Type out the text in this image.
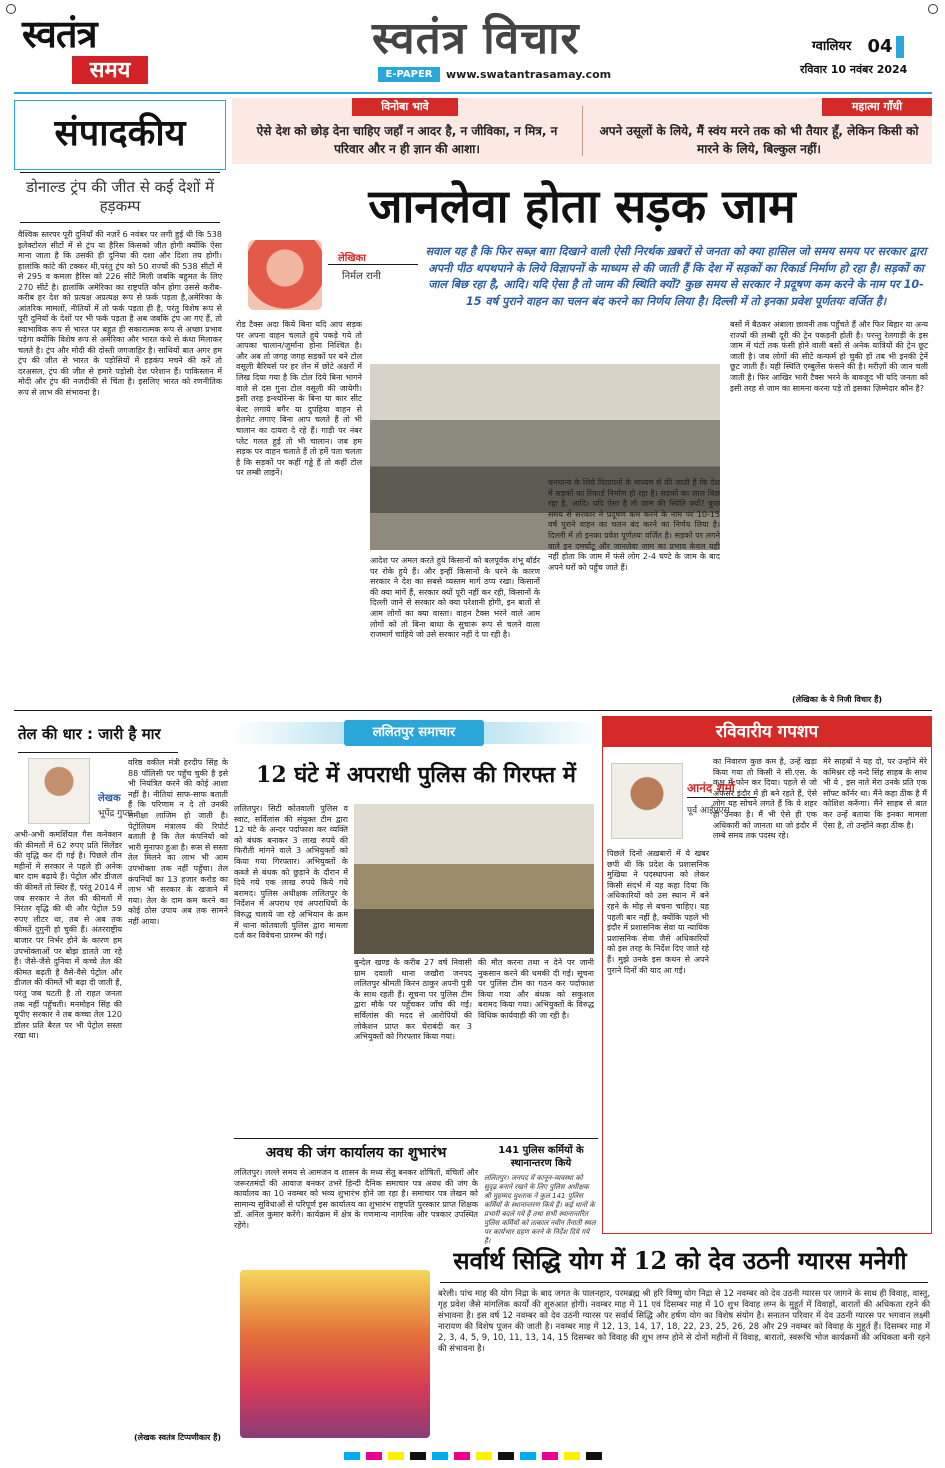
स्वतंत्र
समय
स्वतंत्र विचार
E-PAPER	www.swatantrasamay.com
ग्वालियर 04
रविवार 10 नवंबर 2024
संपादकीय
डोनाल्ड ट्रंप की जीत से कई देशों में हड़कम्प
वैश्विक स्तरपर पूरी दुनियाँ की नज़रें 6 नवंबर पर लगी हुई थी कि 538 इलेक्टोरल सीटों में से ट्रंप या हैरिस किसको जीत होगी क्योंकि ऐसा माना जाता है कि उसकी ही दुनिया की दशा और दिशा तय होगी।हालांकि कांटे की टक्कर थी,परंतु ट्रंप को 50 राज्यों की 538 सीटों में से 295 व कमला हैरिस को 226 सीटें मिली जबकि बहुमत के लिए 270 सीटें है। हालांकि अमेरिका का राष्ट्रपति कौन होगा उससे करीब-करीब हर देश को प्रत्यक्ष अप्रत्यक्ष रूप से फर्क पड़ता है,अमेरिका के आंतरिक मामलों, नीतियों में तो फर्क पड़ता ही है, परंतु विशेष रूप से पूरी दुनियाँ के देशों पर भी फर्क पड़ता है अब जबकि ट्रंप आ गए हैं, तो स्वाभाविक रूप से भारत पर बहुत ही सकारात्मक रूप से अच्छा प्रभाव पड़ेगा क्योंकि विशेष रूप से अमेरिका और भारत कंधे से कंधा मिलाकर चलते है। ट्रंप और मोदी की दोस्ती जगजाहिर है। साथियों बात अगर हम ट्रंप की जीत से भारत के पड़ोसियों में हड़कंप मचने की करें तो दरअसल, ट्रंप की जीत से हमारे पड़ोसी देश परेशान हैं। पाकिस्तान में मोदी और ट्रंप की नजदीकी से चिंता है। इसलिए भारत को रणनीतिक रूप से लाभ की संभावना है।
विनोबा भावे
ऐसे देश को छोड़ देना चाहिए जहाँ न आदर है, न जीविका, न मित्र, न परिवार और न ही ज्ञान की आशा।
महात्मा गाँधी
अपने उसूलों के लिये, मैं स्वंय मरने तक को भी तैयार हूँ, लेकिन किसी को मारने के लिये, बिल्कुल नहीं।
जानलेवा होता सड़क जाम
लेखिका
निर्मल रानी
सवाल यह है कि फिर सब्ज़ बाग़ दिखाने वाली ऐसी निरर्थक ख़बरों से जनता को क्या हासिल जो समय समय पर सरकार द्वारा अपनी पीठ थपथपाने के लिये विज्ञापनों के माध्यम से की जाती हैं कि देश में सड़कों का रिकार्ड निर्माण हो रहा है। सड़कों का जाल बिछ रहा है, आदि। यदि ऐसा है तो जाम की स्थिति क्यों? कुछ समय से सरकार ने प्रदूषण कम करने के नाम पर 10-15 वर्ष पुराने वाहन का चलन बंद करने का निर्णय लिया है। दिल्ली में तो इनका प्रवेश पूर्णतयः वर्जित है।
रोड टैक्स अदा किये बिना यदि आप सड़क पर अपना वाहन चलाते हुये पकड़े गये तो आपका चालान/जुर्माना होना निश्चित है। और अब तो जगह जगह सड़कों पर बने टोल वसूली बैरियर्स पर हर लेन में छोटे अक्षरों में लिख दिया गया है कि टोल दिये बिना भागने वाले से दस गुना टोल वसूली की जायेगी। इसी तरह इन्श्योरेन्स के बिना या कार सीट बेल्ट लगाये बगैर या दुपहिया वाहन से हेलमेट लगाए बिना आप चलते हैं तो भी चालान का दायरा दे रहे हैं। गाड़ी पर नंबर प्लेट गलत हुई तो भी चालान। जब हम सड़क पर वाहन चलाते हैं तो हमें पता चलता है कि सड़कों पर कहीं गड्ढे हैं तो कहीं टोल पर लम्बी लाइनें।
आदेश पर अमल करते हुये किसानों को बलपूर्वक शंभू बॉर्डर पर रोके हुये हैं। और इन्हीं किसानों के धरने के कारण सरकार ने देश का सबसे व्यस्तम मार्ग ठप्प रखा। किसानों की क्या मांगें हैं, सरकार क्यों पूरी नहीं कर रही, किसानों के दिल्ली जाने से सरकार को क्या परेशानी होगी, इन बातों से आम लोगों का क्या वास्ता। वाहन टैक्स भरने वाले आम लोगों को तो बिना बाधा के सुचारू रूप से चलने वाला राजमार्ग चाहिये जो उसे सरकार नहीं दे पा रही है।
धनधान्य के लिये विज्ञापनों के माध्यम से की जाती हैं कि देश में सड़कों का रिकार्ड निर्माण हो रहा है। सड़कों का जाल बिछ रहा है, आदि। यदि ऐसा है तो जाम की स्थिति क्यों? कुछ समय से सरकार ने प्रदूषण कम करने के नाम पर 10-15 वर्ष पुराने वाहन का चलन बंद करने का निर्णय लिया है। दिल्ली में तो इनका प्रवेश पूर्णतयः वर्जित है। सड़कों पर लगने वाले इन दमघोंटू और जानलेवा जाम का प्रभाव केवल यही नहीं होता कि जाम में फंसे लोग 2-4 घण्टे के जाम के बाद अपने घरों को पहुँच जाते हैं।
बसों में बैठकर अंबाला छावनी तक पहुँचते हैं और फिर बिहार या अन्य राज्यों की लम्बी दूरी की ट्रेन पकड़नी होती है। परन्तु रेलगाड़ी के इस जाम में घंटों तक फंसी होने वाली बसों से अनेक यात्रियों की ट्रेन छूट जाती है। जब लोगों की सीटें कन्फर्म हो चुकी हों तब भी इनकी ट्रेनें छूट जाती हैं। यही स्थिति एम्बुलेंस फंसने की है। मरीज़ों की जान चली जाती है। फिर आखिर भारी टैक्स भरने के बावजूद भी यदि जनता को इसी तरह से जाम का सामना करना पड़े तो इसका ज़िम्मेदार कौन है?
(लेखिका के ये निजी विचार हैं)
तेल की धार : जारी है मार
लेखक
भूपेंद्र गुप्ता
अभी-अभी कमर्शियल गैस कनेक्शन की कीमतों में 62 रुपए प्रति सिलेंडर की वृद्धि कर दी गई है। पिछले तीन महीनों में सरकार ने पहले ही अनेक बार दाम बढ़ाये हैं। पेट्रोल और डीजल की कीमतें तो स्थिर हैं, परंतु 2014 में जब सरकार ने तेल की कीमतों में निरंतर वृद्धि की थी और पेट्रोल 59 रुपए लीटर था, तब से अब तक कीमतें दुगुनी हो चुकी हैं। अंतरराष्ट्रीय बाजार पर निर्भर होने के कारण हम उपभोक्ताओं पर बोझ डालते जा रहे हैं। जैसे-जैसे दुनिया में कच्चे तेल की कीमत बढ़ती है वैसे-वैसे पेट्रोल और डीजल की कीमतें भी बढ़ा दी जाती हैं, परंतु जब घटती है तो राहत जनता तक नहीं पहुँचती। मनमोहन सिंह की यूपीए सरकार ने तब कच्चा तेल 120 डॉलर प्रति बैरल पर भी पेट्रोल सस्ता रखा था।
वरिष्ठ वकील मंत्री हरदीप सिंह के 88 पॉलिसी पर पहुँच चुकी है इसे भी नियंत्रित करने की कोई आशा नहीं है। नीतियां साफ-साफ बताती हैं कि परिणाम न दे तो उनकी समीक्षा लाजिम हो जाती है। पेट्रोलियम मंत्रालय की रिपोर्ट बताती है कि तेल कंपनियों को भारी मुनाफा हुआ है। रूस से सस्ता तेल मिलने का लाभ भी आम उपभोक्ता तक नहीं पहुँचा। तेल कंपनियों का 13 हजार करोड़ का लाभ भी सरकार के खजाने में गया। तेल के दाम कम करने का कोई ठोस उपाय अब तक सामने नहीं आया।
(लेखक स्वतंत्र टिप्पणीकार हैं)
ललितपुर समाचार
12 घंटे में अपराधी पुलिस की गिरफ्त में
ललितपुर। सिटी कोतवाली पुलिस व स्वाट, सर्विलांस की संयुक्त टीम द्वारा 12 घंटे के अन्दर पर्दाफाश कर व्यक्ति को बंधक बनाकर 3 लाख रुपये की फिरौती मांगने वाले 3 अभियुक्तों को किया गया गिरफ्तार। अभियुक्तों के कब्जे से बंधक को छुड़ाने के दौरान में दिये गये एक लाख रुपये किये गये बरामद। पुलिस अधीक्षक ललितपुर के निर्देशन में अपराध एवं अपराधियों के विरुद्ध चलाये जा रहे अभियान के क्रम में थाना कोतवाली पुलिस द्वारा मामला दर्ज कर विवेचना प्रारम्भ की गई।
बुन्देल खण्ड के करीब 27 वर्ष निवासी ग्राम दवाली थाना जखौरा जनपद ललितपुर श्रीमती किरन ठाकुर अपनी पुत्री के साथ रहती हैं। सूचना पर पुलिस टीम द्वारा मौके पर पहुँचकर जाँच की गई। सर्विलांस की मदद से आरोपियों की लोकेशन प्राप्त कर घेराबंदी कर 3 अभियुक्तों को गिरफ्तार किया गया।
की मौत करना तथा न देने पर जानी नुकसान करने की धमकी दी गई। सूचना पर पुलिस टीम का गठन कर पर्दाफाश किया गया और बंधक को सकुशल बरामद किया गया। अभियुक्तों के विरुद्ध विधिक कार्यवाही की जा रही है।
अवध की जंग कार्यालय का शुभारंभ
ललितपुर। लल्ले समय से आमजन व शासन के मध्य सेतु बनकर शोषितों, वंचितों और जरूरतमंदों की आवाज बनकर उभरे हिन्दी दैनिक समाचार पत्र अवध की जंग के कार्यालय का 10 नवम्बर को भव्य शुभारंभ होने जा रहा है। समाचार पत्र लेखन को सामान्य सुविधाओं से परिपूर्ण इस कार्यालय का शुभारंभ राष्ट्रपति पुरस्कार प्राप्त शिक्षक डॉ. अनिल कुमार करेंगे। कार्यक्रम में क्षेत्र के गणमान्य नागरिक और पत्रकार उपस्थित रहेंगे।
141 पुलिस कर्मियों के स्थानान्तरण किये
ललितपुर। जनपद में कानून-व्यवस्था को सुदृढ़ बनाने रखने के लिए पुलिस अधीक्षक श्री मुहम्मद मुश्ताक ने कुल 141 पुलिस कर्मियों के स्थानान्तरण किये हैं। कई थानों के प्रभारी बदले गये हैं तथा सभी स्थानान्तरित पुलिस कर्मियों को तत्काल नवीन तैनाती स्थल पर कार्यभार ग्रहण करने के निर्देश दिये गये हैं।
रविवारीय गपशप
आनंद शर्मा
पूर्व आईएएस
पिछले दिनों अख़बारों में ये खबर छपी थी कि प्रदेश के प्रशासनिक मुखिया ने पदस्थापना को लेकर किसी संदर्भ में यह कहा दिया कि अधिकारियों को उस स्थान में बने रहने के मोह से बचना चाहिए। यह पहली बार नहीं है, क्योंकि पहले भी इंदौर में प्रशासनिक सेवा या न्यायिक प्रशासनिक सेवा जैसे अधिकारियों को इस तरह के निर्देश दिए जाते रहे हैं। मुझे उनके इस कथन से अपने पुराने दिनों की याद आ गई।
का निवारण कुछ कम है, उन्हें खड़ा किया गया तो किसी ने सी.एस. के कक्ष में फोन कर दिया। पहले से जो अफसर इंदौर में ही बने रहते हैं, ऐसे लोग यह सोचने लगते हैं कि ये शहर ही उनका है। मैं भी ऐसे ही एक अधिकारी को जानता था जो इंदौर में लम्बे समय तक पदस्थ रहे।
मेरे साहबों ने यह दो, पर उन्होंने मेरे कमिश्नर रहे नन्दे सिंह साहब के साथ भी ये , इस नाते मेरा उनके प्रति एक सॉफ्ट कॉर्नर था। मैंने कहा ठीक है मैं कोशिश करूँगा। मैंने साहब से बात कर उन्हें बताया कि इनका मामला ऐसा है, तो उन्होंने कहा ठीक है।
सर्वार्थ सिद्धि योग में 12 को देव उठनी ग्यारस मनेगी
बरेली। पांच माह की योग निद्रा के बाद जगत के पालनहार, परमब्रह्म श्री हरि विष्णु योग निद्रा से 12 नवम्बर को देव उठनी ग्यारस पर जागने के साथ ही विवाह, वास्तु, गृह प्रवेश जैसे मांगलिक कार्यों की शुरुआत होगी। नवम्बर माह में 11 एवं दिसम्बर माह में 10 शुभ विवाह लग्न के मुहूर्त में विवाहों, बारातों की अधिकता रहने की संभावना है। इस वर्ष 12 नवम्बर को देव उठनी ग्यारस पर सर्वार्थ सिद्धि और हर्षण योग का विशेष संयोग है। सनातन परिवार में देव उठनी ग्यारस पर भगवान लक्ष्मी नारायण की विशेष पूजन की जाती है। नवम्बर माह में 12, 13, 14, 17, 18, 22, 23, 25, 26, 28 और 29 नवम्बर को विवाह के मुहूर्त हैं। दिसम्बर माह में 2, 3, 4, 5, 9, 10, 11, 13, 14, 15 दिसम्बर को विवाह की शुभ लग्न होने से दोनों महीनों में विवाह, बारातो, स्वरूचि भोज कार्यक्रमों की अधिकता बनी रहने की संभावना है।
